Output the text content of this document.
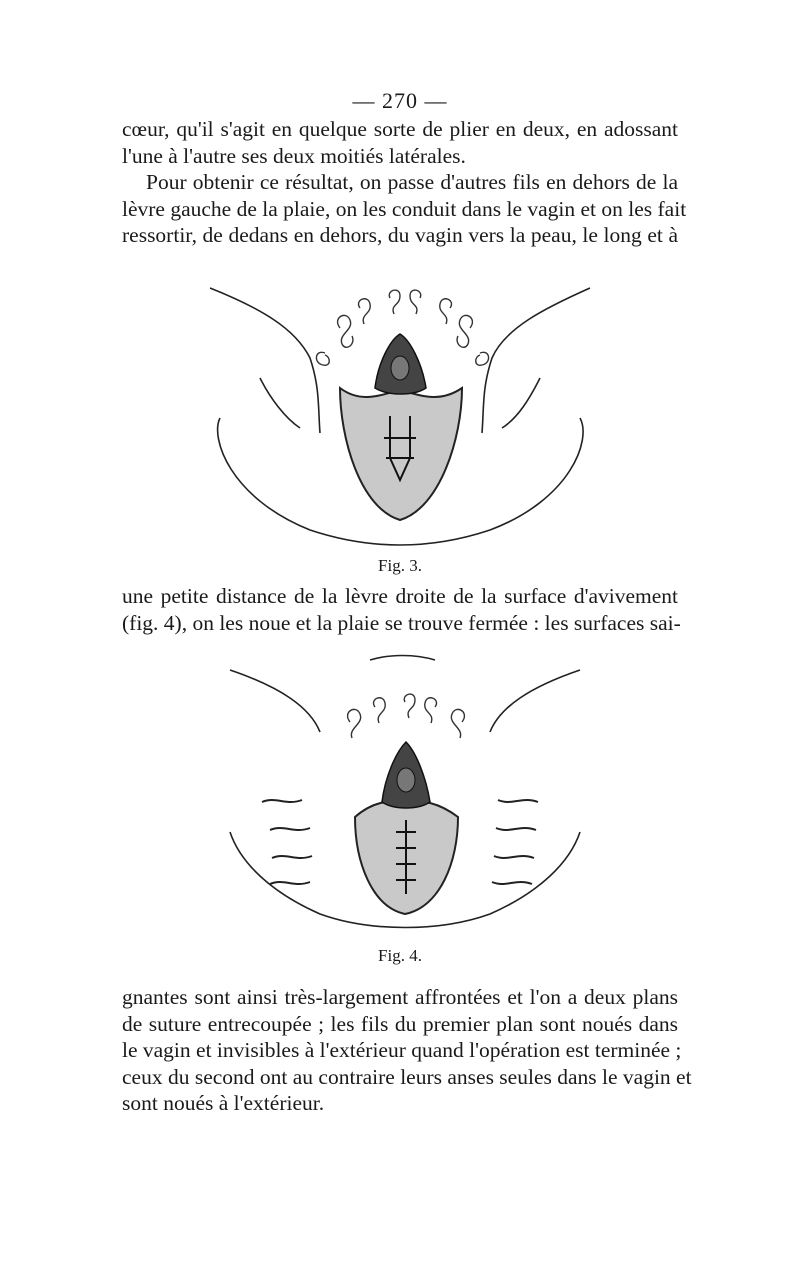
— 270 —
cœur, qu'il s'agit en quelque sorte de plier en deux, en adossant
l'une à l'autre ses deux moitiés latérales.
Pour obtenir ce résultat, on passe d'autres fils en dehors de la
lèvre gauche de la plaie, on les conduit dans le vagin et on les fait
ressortir, de dedans en dehors, du vagin vers la peau, le long et à
Fig. 3.
une petite distance de la lèvre droite de la surface d'avivement
(fig. 4), on les noue et la plaie se trouve fermée : les surfaces sai-
Fig. 4.
gnantes sont ainsi très-largement affrontées et l'on a deux plans
de suture entrecoupée ; les fils du premier plan sont noués dans
le vagin et invisibles à l'extérieur quand l'opération est terminée ;
ceux du second ont au contraire leurs anses seules dans le vagin et
sont noués à l'extérieur.
